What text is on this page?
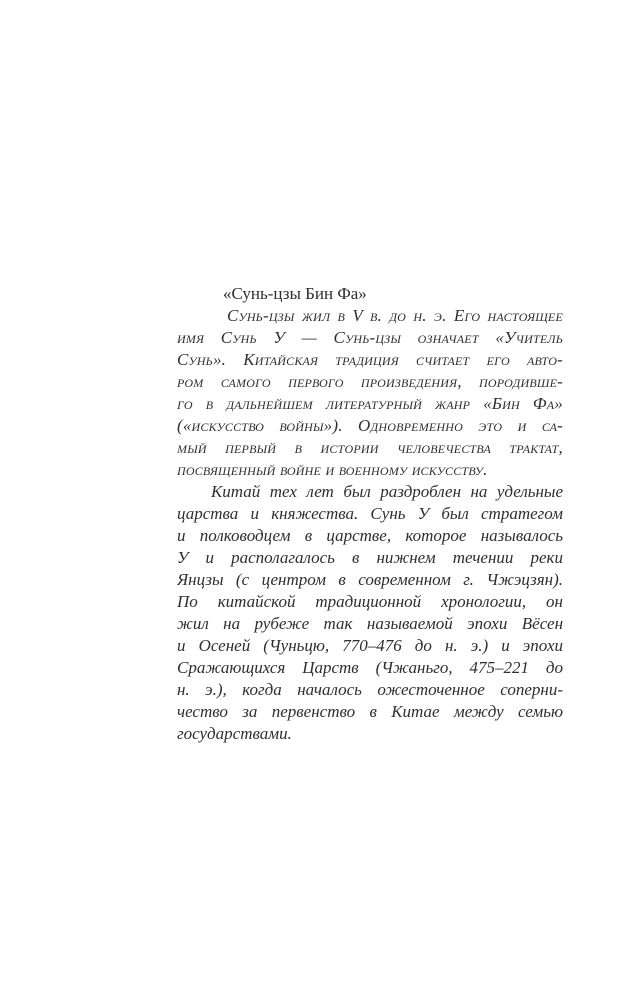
«Сунь-цзы Бин Фа»
Сунь-цзы жил в V в. до н. э. Его настоящее
имя Сунь У — Сунь-цзы означает «Учитель
Сунь». Китайская традиция считает его авто-
ром самого первого произведения, породивше-
го в дальнейшем литературный жанр «Бин Фа»
(«искусство войны»). Одновременно это и са-
мый первый в истории человечества трактат,
посвященный войне и военному искусству.
Китай тех лет был раздроблен на удельные
царства и княжества. Сунь У был стратегом
и полководцем в царстве, которое называлось
У и располагалось в нижнем течении реки
Янцзы (с центром в современном г. Чжэцзян).
По китайской традиционной хронологии, он
жил на рубеже так называемой эпохи Вёсен
и Осеней (Чуньцю, 770–476 до н. э.) и эпохи
Сражающихся Царств (Чжаньго, 475–221 до
н. э.), когда началось ожесточенное соперни-
чество за первенство в Китае между семью
государствами.
